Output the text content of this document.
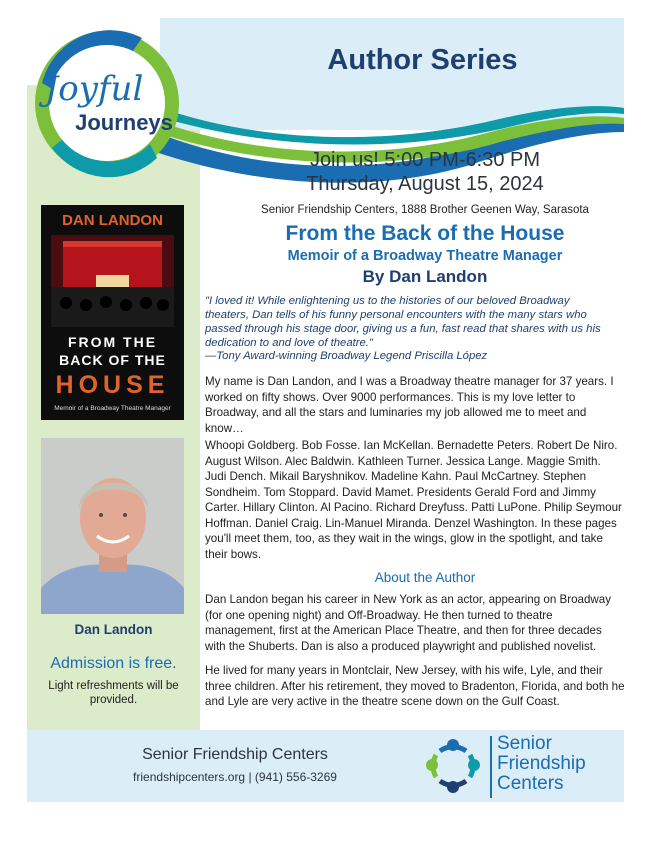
Joyful
Journeys
Author Series
Join us! 5:00 PM-6:30 PM
Thursday, August 15, 2024
Senior Friendship Centers, 1888 Brother Geenen Way, Sarasota
From the Back of the House
Memoir of a Broadway Theatre Manager
By Dan Landon
"I loved it! While enlightening us to the histories of our beloved Broadway theaters, Dan tells of his funny personal encounters with the many stars who passed through his stage door, giving us a fun, fast read that shares with us his dedication to and love of theatre."
—Tony Award-winning Broadway Legend Priscilla López
My name is Dan Landon, and I was a Broadway theatre manager for 37 years. I worked on fifty shows. Over 9000 performances. This is my love letter to Broadway, and all the stars and luminaries my job allowed me to meet and know…
Whoopi Goldberg. Bob Fosse. Ian McKellan. Bernadette Peters. Robert De Niro. August Wilson. Alec Baldwin. Kathleen Turner. Jessica Lange. Maggie Smith. Judi Dench. Mikail Baryshnikov. Madeline Kahn. Paul McCartney. Stephen Sondheim. Tom Stoppard. David Mamet. Presidents Gerald Ford and Jimmy Carter. Hillary Clinton. Al Pacino. Richard Dreyfuss. Patti LuPone. Philip Seymour Hoffman. Daniel Craig. Lin-Manuel Miranda. Denzel Washington. In these pages you'll meet them, too, as they wait in the wings, glow in the spotlight, and take their bows.
About the Author
Dan Landon began his career in New York as an actor, appearing on Broadway (for one opening night) and Off-Broadway. He then turned to theatre management, first at the American Place Theatre, and then for three decades with the Shuberts. Dan is also a produced playwright and published novelist.
He lived for many years in Montclair, New Jersey, with his wife, Lyle, and their three children. After his retirement, they moved to Bradenton, Florida, and both he and Lyle are very active in the theatre scene down on the Gulf Coast.
DAN LANDON
FROM THE
BACK OF THE
HOUSE
Memoir of a Broadway Theatre Manager
Dan Landon
Admission is free.
Light refreshments will be provided.
Senior Friendship Centers
friendshipcenters.org | (941) 556-3269
Senior
Friendship
Centers
